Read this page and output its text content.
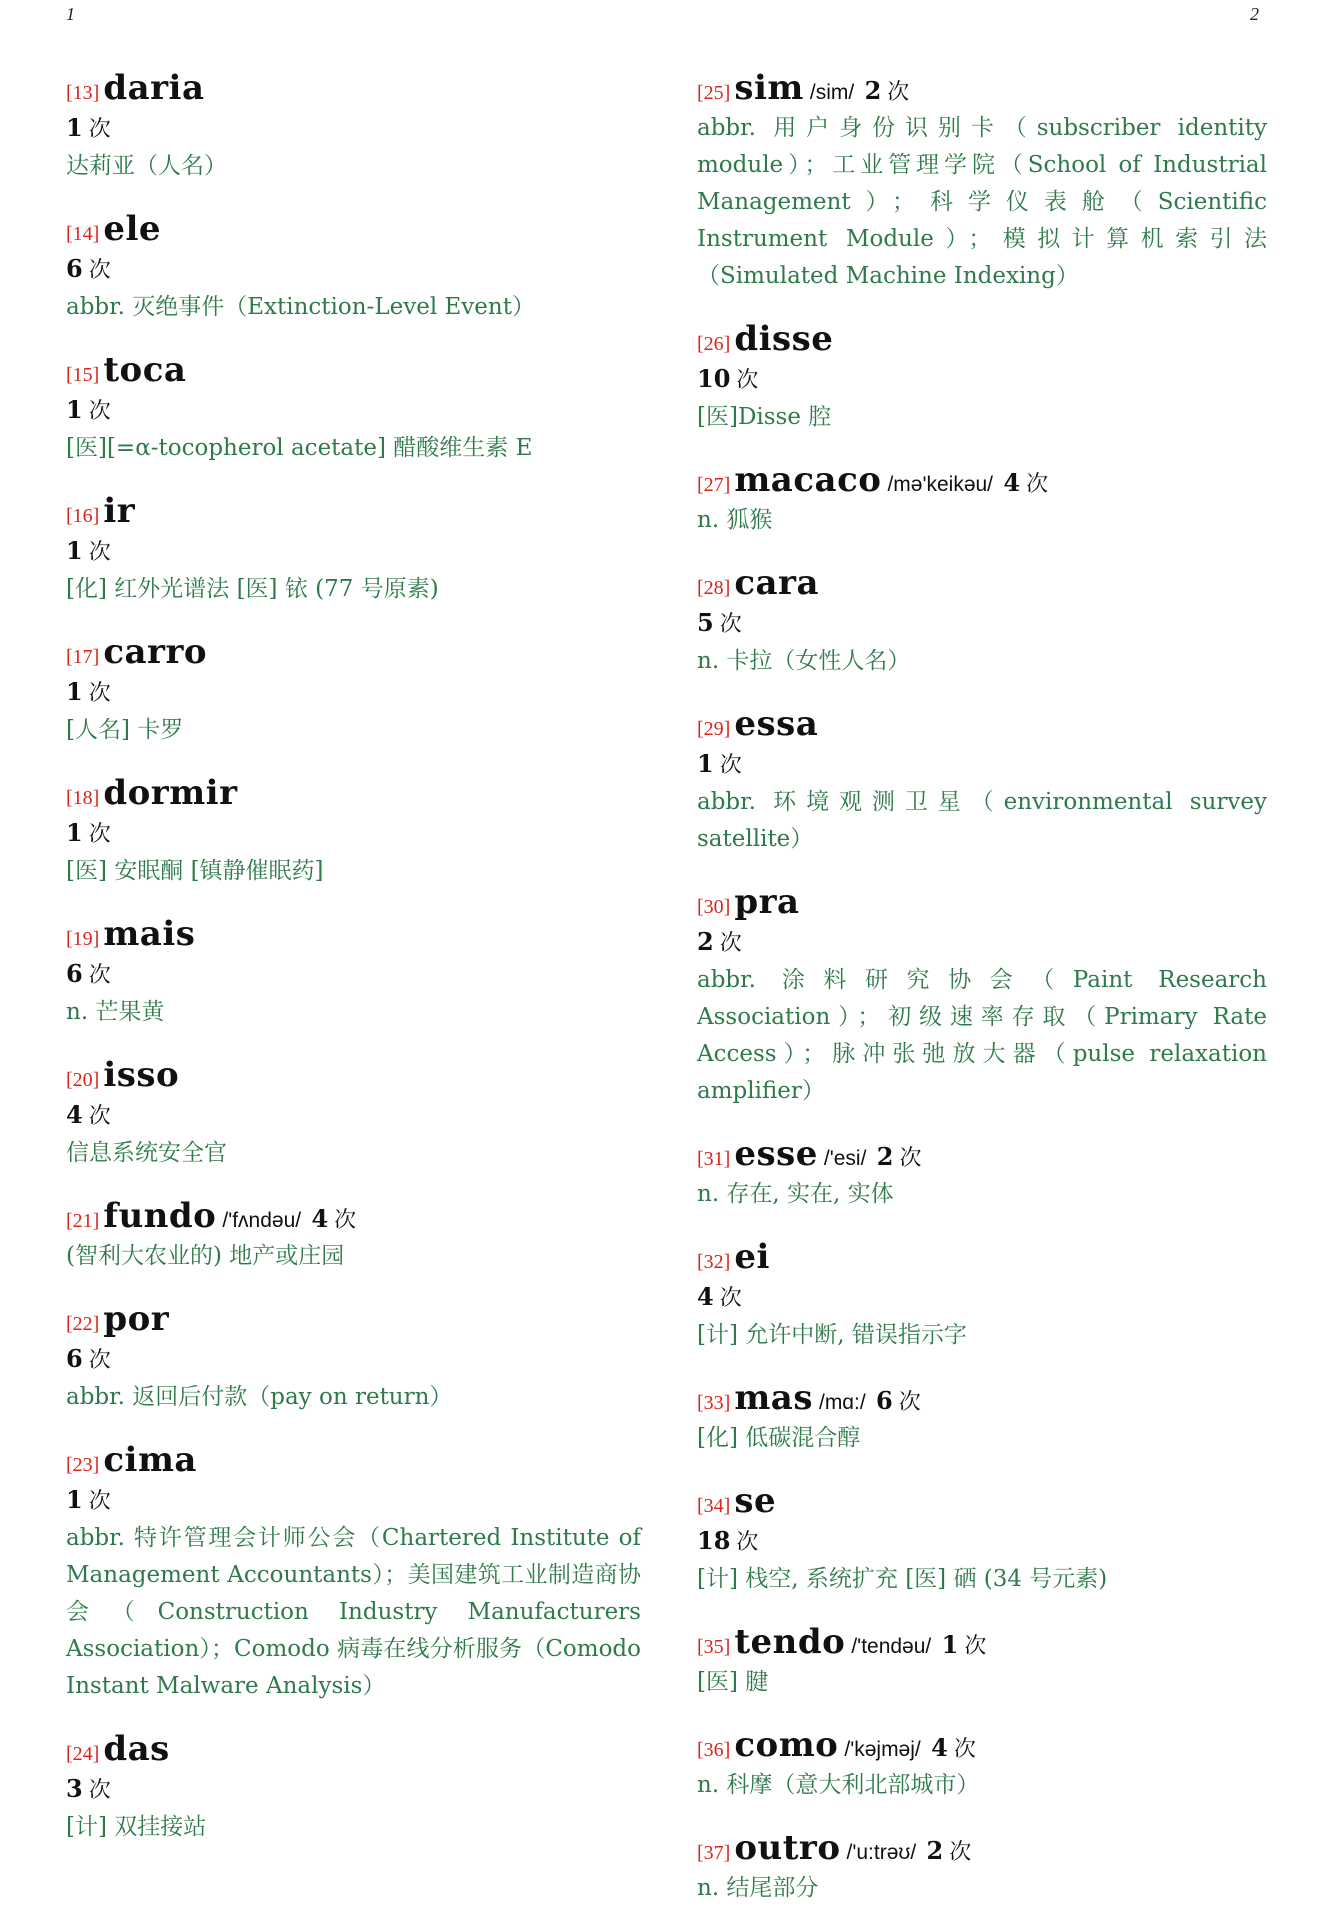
1	2
[13] daria
1 次
达莉亚（人名）
[14] ele
6 次
abbr. 灭绝事件（Extinction-Level Event）
[15] toca
1 次
[医][=α-tocopherol acetate] 醋酸维生素 E
[16] ir
1 次
[化] 红外光谱法 [医] 铱 (77 号原素)
[17] carro
1 次
[人名] 卡罗
[18] dormir
1 次
[医] 安眠酮 [镇静催眠药]
[19] mais
6 次
n. 芒果黄
[20] isso
4 次
信息系统安全官
[21] fundo /'fʌndəu/ 4 次
(智利大农业的) 地产或庄园
[22] por
6 次
abbr. 返回后付款（pay on return）
[23] cima
1 次
abbr. 特许管理会计师公会（Chartered Institute of Management Accountants）；美国建筑工业制造商协会（Construction Industry Manufacturers Association）；Comodo 病毒在线分析服务（Comodo Instant Malware Analysis）
[24] das
3 次
[计] 双挂接站
[25] sim /sim/ 2 次
abbr. 用户身份识别卡（subscriber identity module）；工业管理学院（School of Industrial Management）；科学仪表舱（Scientific Instrument Module）；模拟计算机索引法（Simulated Machine Indexing）
[26] disse
10 次
[医]Disse 腔
[27] macaco /mə'keikəu/ 4 次
n. 狐猴
[28] cara
5 次
n. 卡拉（女性人名）
[29] essa
1 次
abbr. 环境观测卫星（environmental survey satellite）
[30] pra
2 次
abbr. 涂料研究协会（Paint Research Association）；初级速率存取（Primary Rate Access）；脉冲张弛放大器（pulse relaxation amplifier）
[31] esse /'esi/ 2 次
n. 存在, 实在, 实体
[32] ei
4 次
[计] 允许中断, 错误指示字
[33] mas /mɑ:/ 6 次
[化] 低碳混合醇
[34] se
18 次
[计] 栈空, 系统扩充 [医] 硒 (34 号元素)
[35] tendo /'tendəu/ 1 次
[医] 腱
[36] como /'kəjməj/ 4 次
n. 科摩（意大利北部城市）
[37] outro /'u:trəʊ/ 2 次
n. 结尾部分
